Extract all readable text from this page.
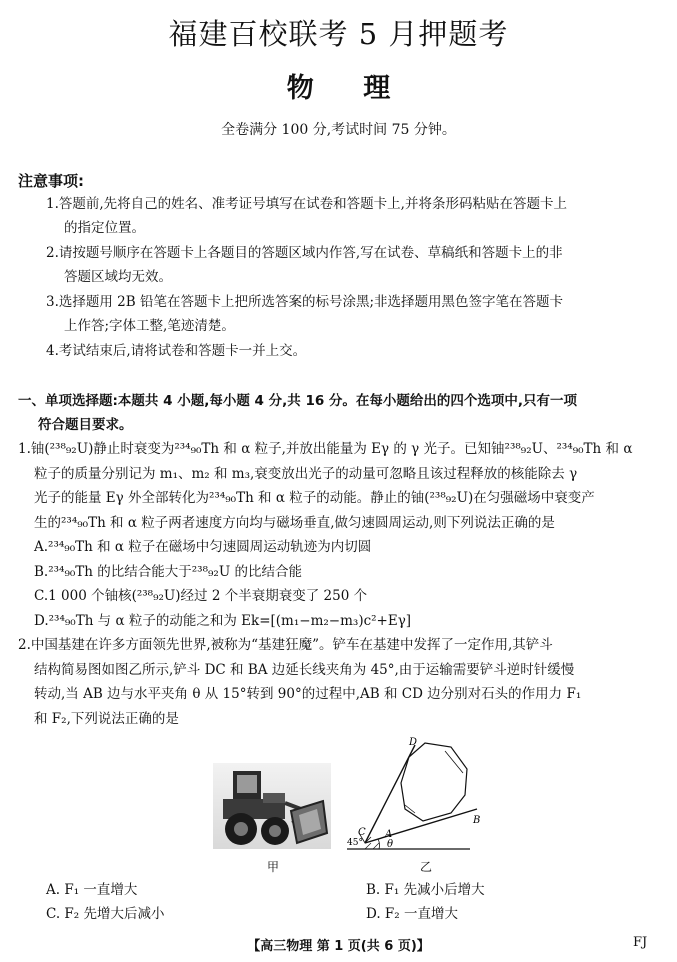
福建百校联考 5 月押题考
物 理
全卷满分 100 分,考试时间 75 分钟。
注意事项:
1.答题前,先将自己的姓名、准考证号填写在试卷和答题卡上,并将条形码粘贴在答题卡上
的指定位置。
2.请按题号顺序在答题卡上各题目的答题区域内作答,写在试卷、草稿纸和答题卡上的非
答题区域均无效。
3.选择题用 2B 铅笔在答题卡上把所选答案的标号涂黑;非选择题用黑色签字笔在答题卡
上作答;字体工整,笔迹清楚。
4.考试结束后,请将试卷和答题卡一并上交。
一、单项选择题:本题共 4 小题,每小题 4 分,共 16 分。在每小题给出的四个选项中,只有一项
符合题目要求。
1.铀(²³⁸₉₂U)静止时衰变为²³⁴₉₀Th 和 α 粒子,并放出能量为 Eγ 的 γ 光子。已知铀²³⁸₉₂U、²³⁴₉₀Th 和 α
粒子的质量分别记为 m₁、m₂ 和 m₃,衰变放出光子的动量可忽略且该过程释放的核能除去 γ
光子的能量 Eγ 外全部转化为²³⁴₉₀Th 和 α 粒子的动能。静止的铀(²³⁸₉₂U)在匀强磁场中衰变产
生的²³⁴₉₀Th 和 α 粒子两者速度方向均与磁场垂直,做匀速圆周运动,则下列说法正确的是
A.²³⁴₉₀Th 和 α 粒子在磁场中匀速圆周运动轨迹为内切圆
B.²³⁴₉₀Th 的比结合能大于²³⁸₉₂U 的比结合能
C.1 000 个铀核(²³⁸₉₂U)经过 2 个半衰期衰变了 250 个
D.²³⁴₉₀Th 与 α 粒子的动能之和为 Ek=[(m₁−m₂−m₃)c²+Eγ]
2.中国基建在许多方面领先世界,被称为“基建狂魔”。铲车在基建中发挥了一定作用,其铲斗
结构简易图如图乙所示,铲斗 DC 和 BA 边延长线夹角为 45°,由于运输需要铲斗逆时针缓慢
转动,当 AB 边与水平夹角 θ 从 15°转到 90°的过程中,AB 和 CD 边分别对石头的作用力 F₁
和 F₂,下列说法正确的是
甲
D
C A
B
θ
45°
乙
A. F₁ 一直增大	B. F₁ 先减小后增大
C. F₂ 先增大后减小	D. F₂ 一直增大
【高三物理 第 1 页(共 6 页)】	FJ
